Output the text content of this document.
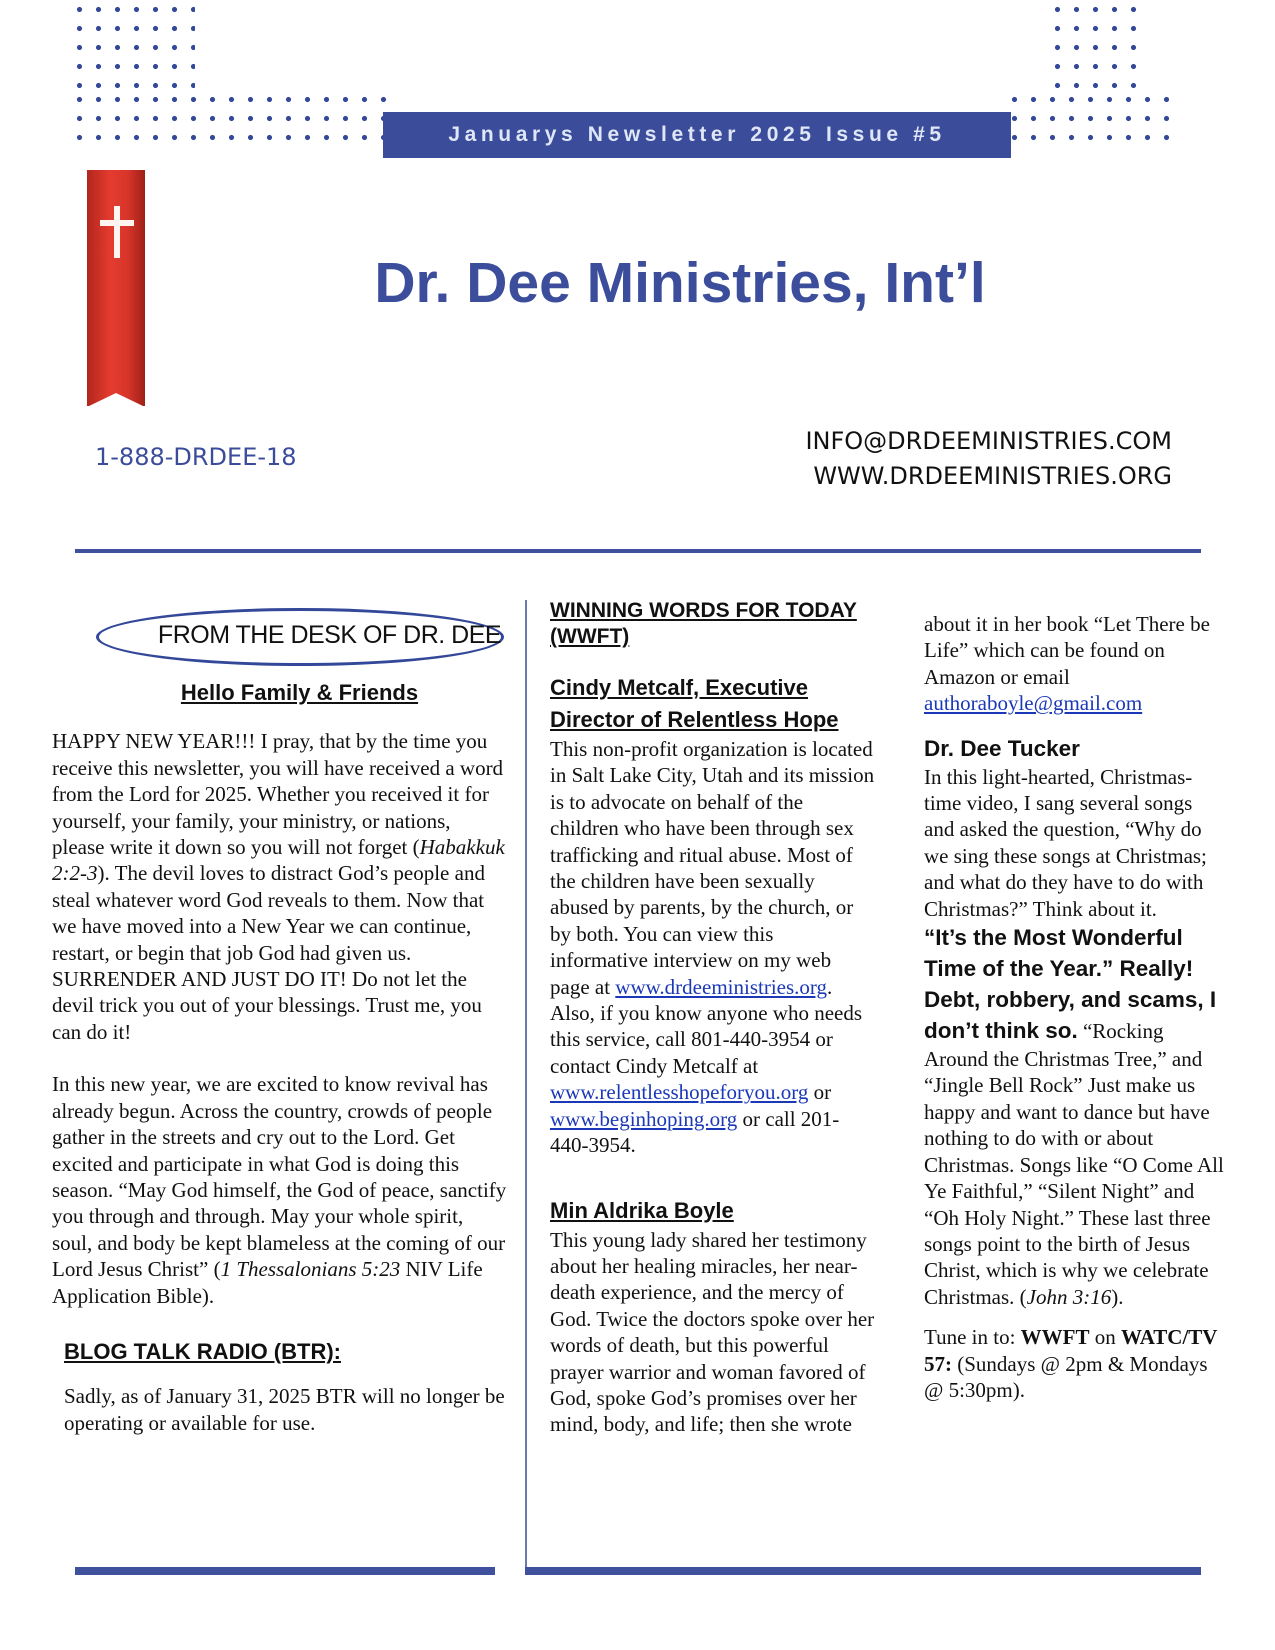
Januarys Newsletter 2025 Issue #5
Dr. Dee Ministries, Int’l
1-888-DRDEE-18
INFO@DRDEEMINISTRIES.COM
WWW.DRDEEMINISTRIES.ORG
FROM THE DESK OF DR. DEE
Hello Family & Friends

HAPPY NEW YEAR!!! I pray, that by the time you receive this newsletter, you will have received a word from the Lord for 2025. Whether you received it for yourself, your family, your ministry, or nations, please write it down so you will not forget (Habakkuk 2:2-3). The devil loves to distract God’s people and steal whatever word God reveals to them. Now that we have moved into a New Year we can continue, restart, or begin that job God had given us. SURRENDER AND JUST DO IT! Do not let the devil trick you out of your blessings. Trust me, you can do it!

In this new year, we are excited to know revival has already begun. Across the country, crowds of people gather in the streets and cry out to the Lord. Get excited and participate in what God is doing this season. “May God himself, the God of peace, sanctify you through and through. May your whole spirit, soul, and body be kept blameless at the coming of our Lord Jesus Christ” (1 Thessalonians 5:23 NIV Life Application Bible).

BLOG TALK RADIO (BTR):

Sadly, as of January 31, 2025 BTR will no longer be operating or available for use.

WINNING WORDS FOR TODAY (WWFT)
Cindy Metcalf, Executive Director of Relentless Hope

This non-profit organization is located in Salt Lake City, Utah and its mission is to advocate on behalf of the children who have been through sex trafficking and ritual abuse. Most of the children have been sexually abused by parents, by the church, or by both. You can view this informative interview on my web page at www.drdeeministries.org. Also, if you know anyone who needs this service, call 801-440-3954 or contact Cindy Metcalf at www.relentlesshopeforyou.org or www.beginhoping.org or call 201-440-3954.

Min Aldrika Boyle

This young lady shared her testimony about her healing miracles, her near-death experience, and the mercy of God. Twice the doctors spoke over her words of death, but this powerful prayer warrior and woman favored of God, spoke God’s promises over her mind, body, and life; then she wrote

about it in her book “Let There be Life” which can be found on Amazon or email authoraboyle@gmail.com

Dr. Dee Tucker

In this light-hearted, Christmas-time video, I sang several songs and asked the question, “Why do we sing these songs at Christmas; and what do they have to do with Christmas?” Think about it.

“It’s the Most Wonderful Time of the Year.” Really! Debt, robbery, and scams, I don’t think so. “Rocking Around the Christmas Tree,” and “Jingle Bell Rock” Just make us happy and want to dance but have nothing to do with or about Christmas. Songs like “O Come All Ye Faithful,” “Silent Night” and “Oh Holy Night.” These last three songs point to the birth of Jesus Christ, which is why we celebrate Christmas. (John 3:16).

Tune in to: WWFT on WATC/TV 57: (Sundays @ 2pm & Mondays @ 5:30pm).
